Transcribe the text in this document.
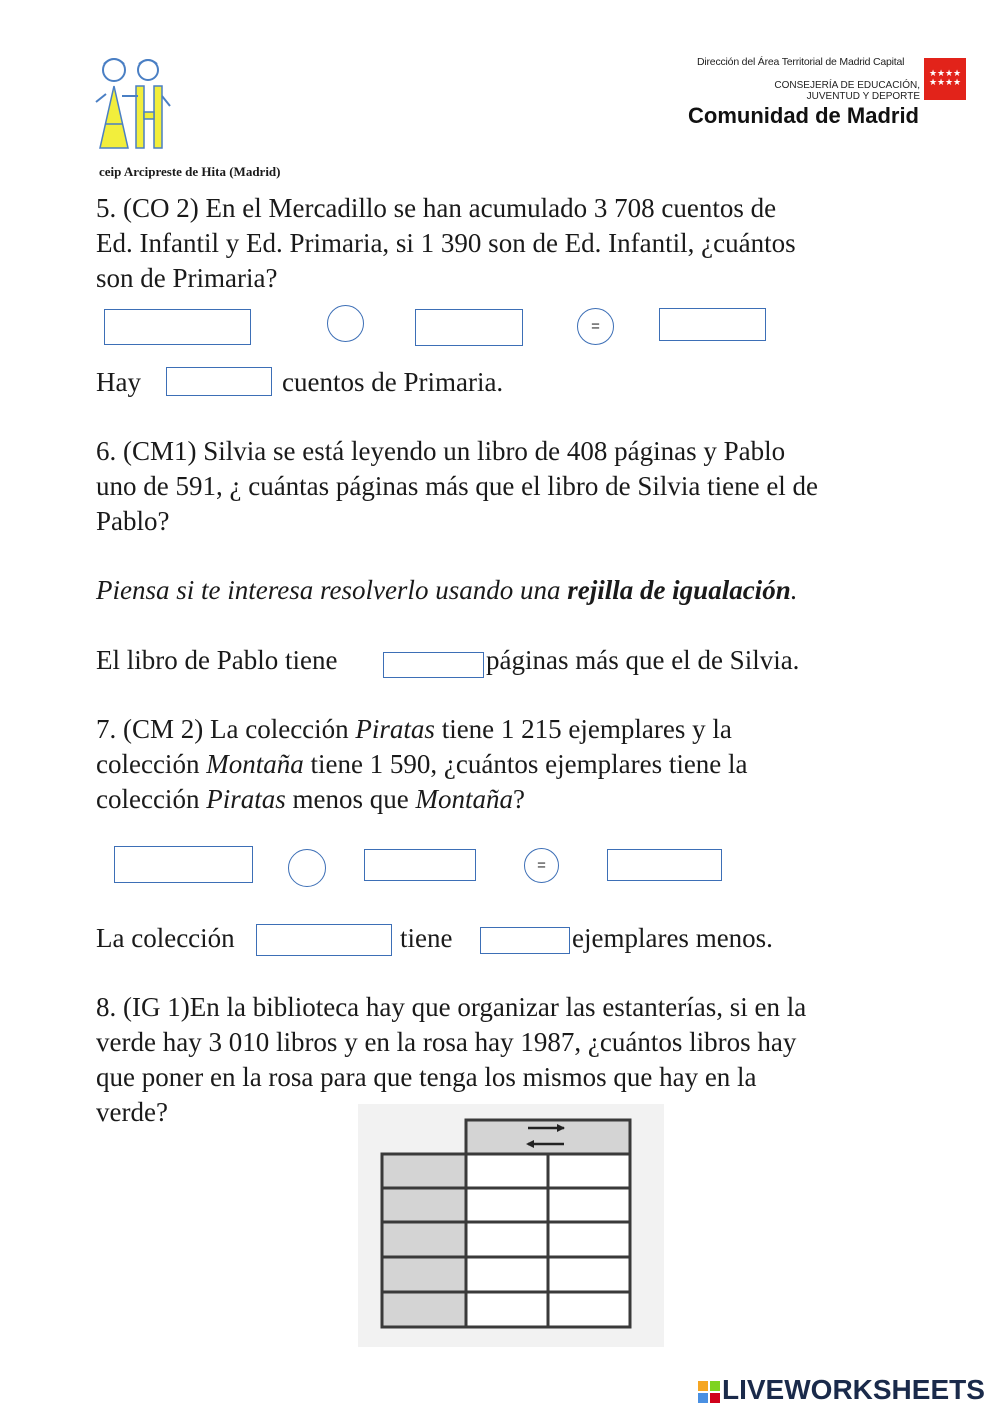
ceip Arcipreste de Hita (Madrid)
Dirección del Área Territorial de Madrid Capital
CONSEJERÍA DE EDUCACIÓN,
JUVENTUD Y DEPORTE
★ ★ ★ ★
★ ★ ★ ★
Comunidad de Madrid
5. (CO 2) En el Mercadillo se han acumulado 3 708 cuentos de
Ed. Infantil y Ed. Primaria, si 1 390 son de Ed. Infantil, ¿cuántos
son de Primaria?
=
Hay	cuentos de Primaria.
6. (CM1) Silvia se está leyendo un libro de 408 páginas y Pablo
uno de 591, ¿ cuántas páginas más que el libro de Silvia tiene el de
Pablo?
Piensa si te interesa resolverlo usando una rejilla de igualación.
El libro de Pablo tiene	páginas más que el de Silvia.
7. (CM 2) La colección Piratas tiene 1 215 ejemplares y la
colección Montaña tiene 1 590, ¿cuántos ejemplares tiene la
colección Piratas menos que Montaña?
=
La colección	tiene	ejemplares menos.
8. (IG 1)En la biblioteca hay que organizar las estanterías, si en la
verde hay 3 010 libros y en la rosa hay 1987, ¿cuántos libros hay
que poner en la rosa para que tenga los mismos que hay en la
verde?
LIVEWORKSHEETS
